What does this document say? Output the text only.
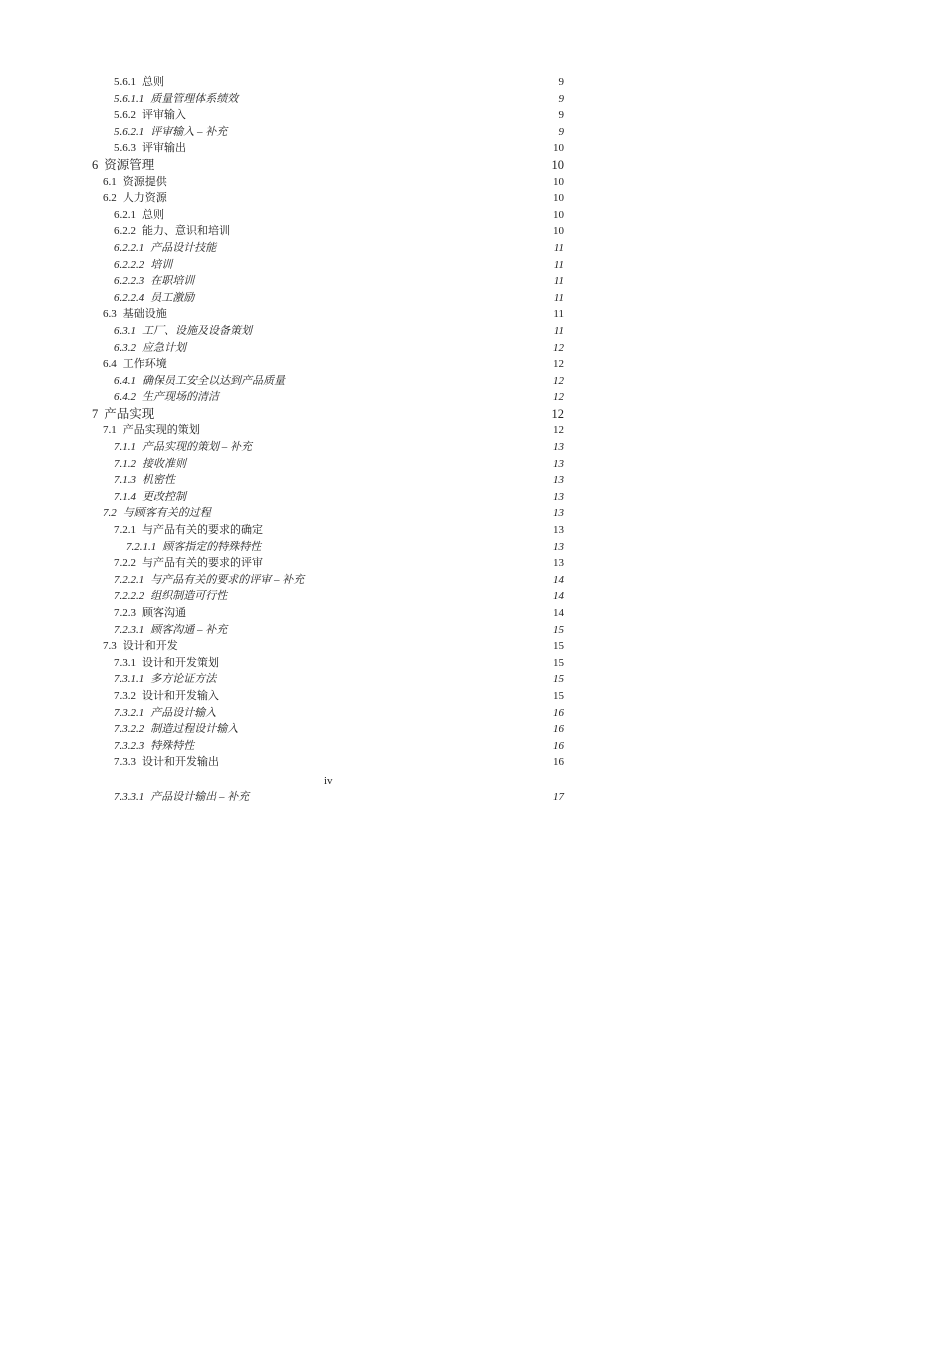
5.6.1 总则	9
5.6.1.1 质量管理体系绩效	9
5.6.2 评审输入	9
5.6.2.1 评审输入 – 补充	9
5.6.3 评审输出	10
6 资源管理	10
6.1 资源提供	10
6.2 人力资源	10
6.2.1 总则	10
6.2.2 能力、意识和培训	10
6.2.2.1 产品设计技能	11
6.2.2.2 培训	11
6.2.2.3 在职培训	11
6.2.2.4 员工激励	11
6.3 基础设施	11
6.3.1 工厂、设施及设备策划	11
6.3.2 应急计划	12
6.4 工作环境	12
6.4.1 确保员工安全以达到产品质量	12
6.4.2 生产现场的清洁	12
7 产品实现	12
7.1 产品实现的策划	12
7.1.1 产品实现的策划 – 补充	13
7.1.2 接收准则	13
7.1.3 机密性	13
7.1.4 更改控制	13
7.2 与顾客有关的过程	13
7.2.1 与产品有关的要求的确定	13
7.2.1.1 顾客指定的特殊特性	13
7.2.2 与产品有关的要求的评审	13
7.2.2.1 与产品有关的要求的评审 – 补充	14
7.2.2.2 组织制造可行性	14
7.2.3 顾客沟通	14
7.2.3.1 顾客沟通 – 补充	15
7.3 设计和开发	15
7.3.1 设计和开发策划	15
7.3.1.1 多方论证方法	15
7.3.2 设计和开发输入	15
7.3.2.1 产品设计输入	16
7.3.2.2 制造过程设计输入	16
7.3.2.3 特殊特性	16
7.3.3 设计和开发输出	16
iv
7.3.3.1 产品设计输出 – 补充	17
